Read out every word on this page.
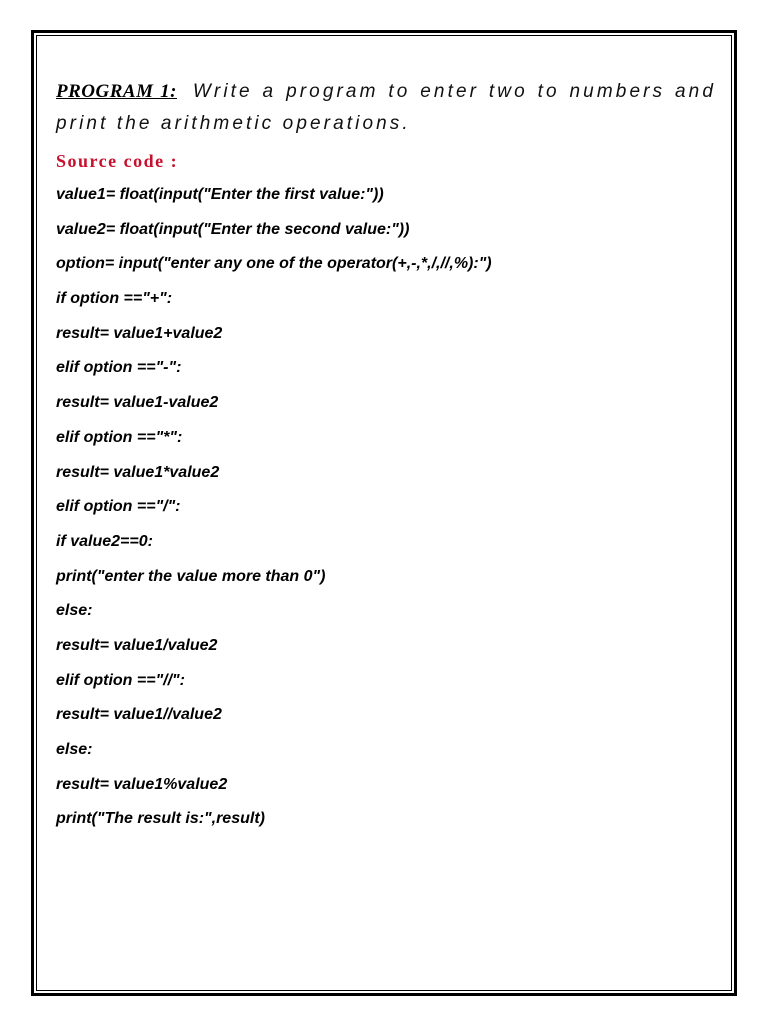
PROGRAM 1: Write a program to enter two to numbers and print the arithmetic operations.

Source code :
value1= float(input("Enter the first value:"))
value2= float(input("Enter the second value:"))
option= input("enter any one of the operator(+,-,*,/,//,%):")
if option =="+":
result= value1+value2
elif option =="-":
result= value1-value2
elif option =="*":
result= value1*value2
elif option =="/":
if value2==0:
print("enter the value more than 0")
else:
result= value1/value2
elif option =="//":
result= value1//value2
else:
result= value1%value2
print("The result is:",result)
